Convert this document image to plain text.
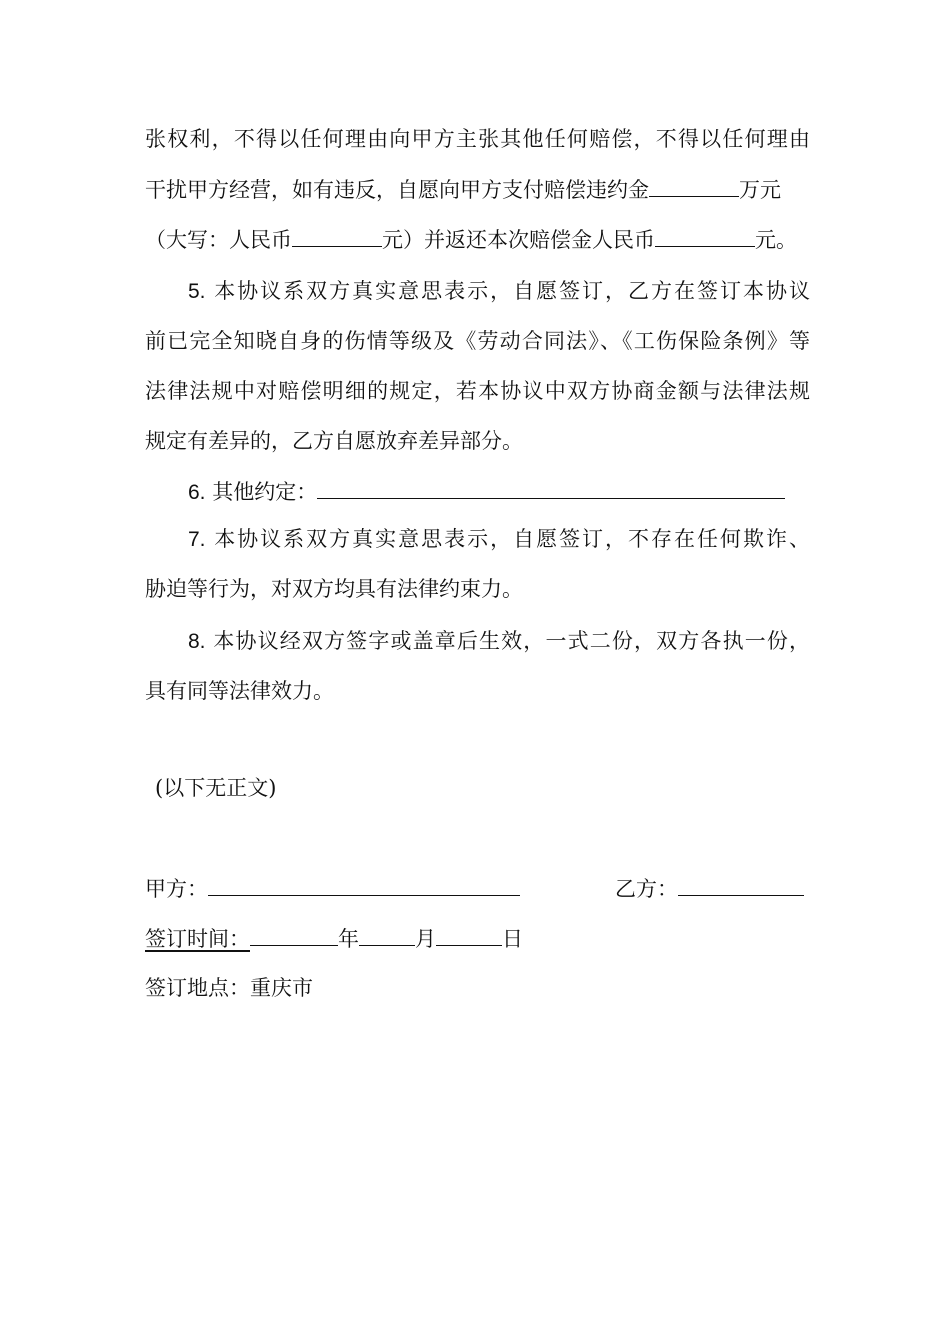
张权利，不得以任何理由向甲方主张其他任何赔偿，不得以任何理由
干扰甲方经营，如有违反，自愿向甲方支付赔偿违约金	万元
（大写：人民币	元）并返还本次赔偿金人民币	元。
5. 本协议系双方真实意思表示，自愿签订，乙方在签订本协议
前已完全知晓自身的伤情等级及《劳动合同法》、《工伤保险条例》等
法律法规中对赔偿明细的规定，若本协议中双方协商金额与法律法规
规定有差异的，乙方自愿放弃差异部分。
6. 其他约定：
7. 本协议系双方真实意思表示，自愿签订，不存在任何欺诈、
胁迫等行为，对双方均具有法律约束力。
8. 本协议经双方签字或盖章后生效，一式二份，双方各执一份，
具有同等法律效力。
(以下无正文)
甲方：	乙方：
签订时间：	年	月	日
签订地点：重庆市
